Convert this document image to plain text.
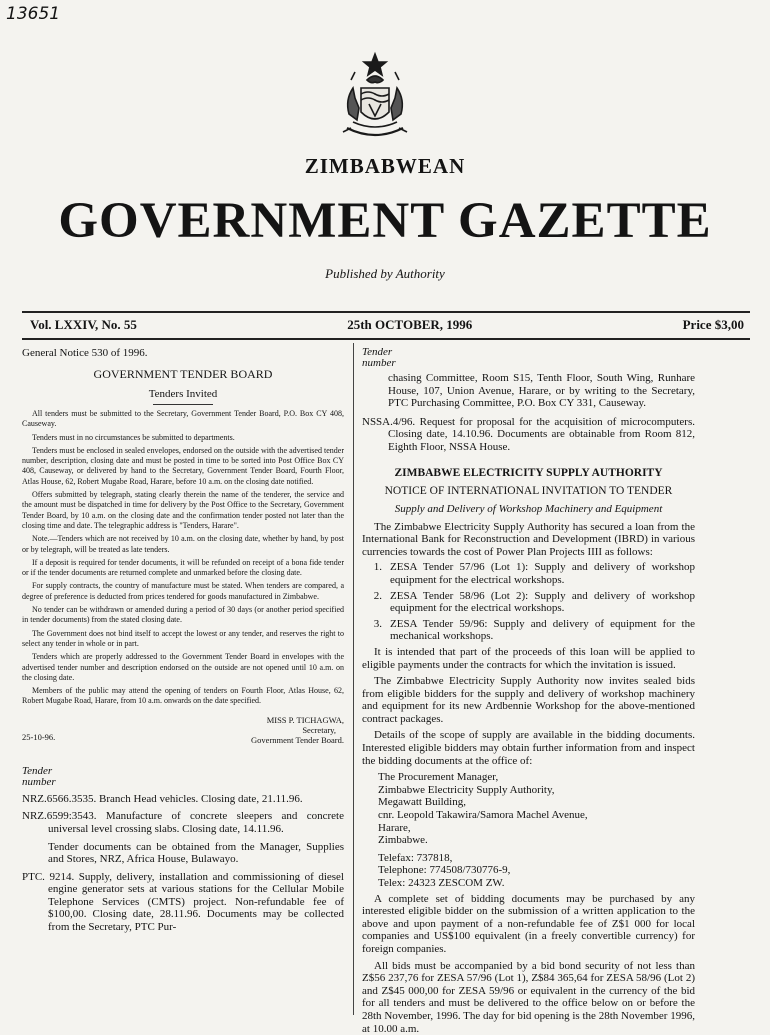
13651
ZIMBABWEAN
GOVERNMENT GAZETTE
Published by Authority
Vol. LXXIV, No. 55	25th OCTOBER, 1996	Price $3,00

General Notice 530 of 1996.

GOVERNMENT TENDER BOARD

Tenders Invited

All tenders must be submitted to the Secretary, Government Tender Board, P.O. Box CY 408, Causeway.

Tenders must in no circumstances be submitted to departments.

Tenders must be enclosed in sealed envelopes, endorsed on the outside with the advertised tender number, description, closing date and must be posted in time to be sorted into Post Office Box CY 408, Causeway, or delivered by hand to the Secretary, Government Tender Board, Fourth Floor, Atlas House, 62, Robert Mugabe Road, Harare, before 10 a.m. on the closing date notified.

Offers submitted by telegraph, stating clearly therein the name of the tenderer, the service and the amount must be dispatched in time for delivery by the Post Office to the Secretary, Government Tender Board, by 10 a.m. on the closing date and the confirmation tender posted not later than the closing time and date. The telegraphic address is "Tenders, Harare".

Note.—Tenders which are not received by 10 a.m. on the closing date, whether by hand, by post or by telegraph, will be treated as late tenders.

If a deposit is required for tender documents, it will be refunded on receipt of a bona fide tender or if the tender documents are returned complete and unmarked before the closing date.

For supply contracts, the country of manufacture must be stated. When tenders are compared, a degree of preference is deducted from prices tendered for goods manufactured in Zimbabwe.

No tender can be withdrawn or amended during a period of 30 days (or another period specified in tender documents) from the stated closing date.

The Government does not bind itself to accept the lowest or any tender, and reserves the right to select any tender in whole or in part.

Tenders which are properly addressed to the Government Tender Board in envelopes with the advertised tender number and description endorsed on the outside are not opened until 10 a.m. on the closing date.

Members of the public may attend the opening of tenders on Fourth Floor, Atlas House, 62, Robert Mugabe Road, Harare, from 10 a.m. onwards on the date specified.

MISS P. TICHAGWA,

Secretary,

Government Tender Board.

25-10-96.

Tender

number

NRZ.6566.3535. Branch Head vehicles. Closing date, 21.11.96.

NRZ.6599:3543. Manufacture of concrete sleepers and concrete universal level crossing slabs. Closing date, 14.11.96.

Tender documents can be obtained from the Manager, Supplies and Stores, NRZ, Africa House, Bulawayo.

PTC. 9214. Supply, delivery, installation and commissioning of diesel engine generator sets at various stations for the Cellular Mobile Telephone Services (CMTS) project. Non-refundable fee of $100,00. Closing date, 28.11.96. Documents may be collected from the Secretary, PTC Pur-

Tender

number

chasing Committee, Room S15, Tenth Floor, South Wing, Runhare House, 107, Union Avenue, Harare, or by writing to the Secretary, PTC Purchasing Committee, P.O. Box CY 331, Causeway.

NSSA.4/96. Request for proposal for the acquisition of microcomputers. Closing date, 14.10.96. Documents are obtainable from Room 812, Eighth Floor, NSSA House.

ZIMBABWE ELECTRICITY SUPPLY AUTHORITY

NOTICE OF INTERNATIONAL INVITATION TO TENDER

Supply and Delivery of Workshop Machinery and Equipment

The Zimbabwe Electricity Supply Authority has secured a loan from the International Bank for Reconstruction and Development (IBRD) in various currencies towards the cost of Power Plan Projects IIII as follows:

1. ZESA Tender 57/96 (Lot 1): Supply and delivery of workshop equipment for the electrical workshops.
2. ZESA Tender 58/96 (Lot 2): Supply and delivery of workshop equipment for the electrical workshops.
3. ZESA Tender 59/96: Supply and delivery of equipment for the mechanical workshops.

It is intended that part of the proceeds of this loan will be applied to eligible payments under the contracts for which the invitation is issued.

The Zimbabwe Electricity Supply Authority now invites sealed bids from eligible bidders for the supply and delivery of workshop machinery and equipment for its new Ardbennie Workshop for the above-mentioned contract packages.

Details of the scope of supply are available in the bidding documents. Interested eligible bidders may obtain further information from and inspect the bidding documents at the office of:

The Procurement Manager,

Zimbabwe Electricity Supply Authority,

Megawatt Building,

cnr. Leopold Takawira/Samora Machel Avenue,

Harare,

Zimbabwe.

Telefax: 737818,

Telephone: 774508/730776-9,

Telex: 24323 ZESCOM ZW.

A complete set of bidding documents may be purchased by any interested eligible bidder on the submission of a written application to the above and upon payment of a non-refundable fee of Z$1 000 for local companies and US$100 equivalent (in a freely convertible currency) for foreign companies.

All bids must be accompanied by a bid bond security of not less than Z$56 237,76 for ZESA 57/96 (Lot 1), Z$84 365,64 for ZESA 58/96 (Lot 2) and Z$45 000,00 for ZESA 59/96 or equivalent in the currency of the bid for all tenders and must be delivered to the office below on or before the 28th November, 1996. The day for bid opening is the 28th November 1996, at 10.00 a.m.
